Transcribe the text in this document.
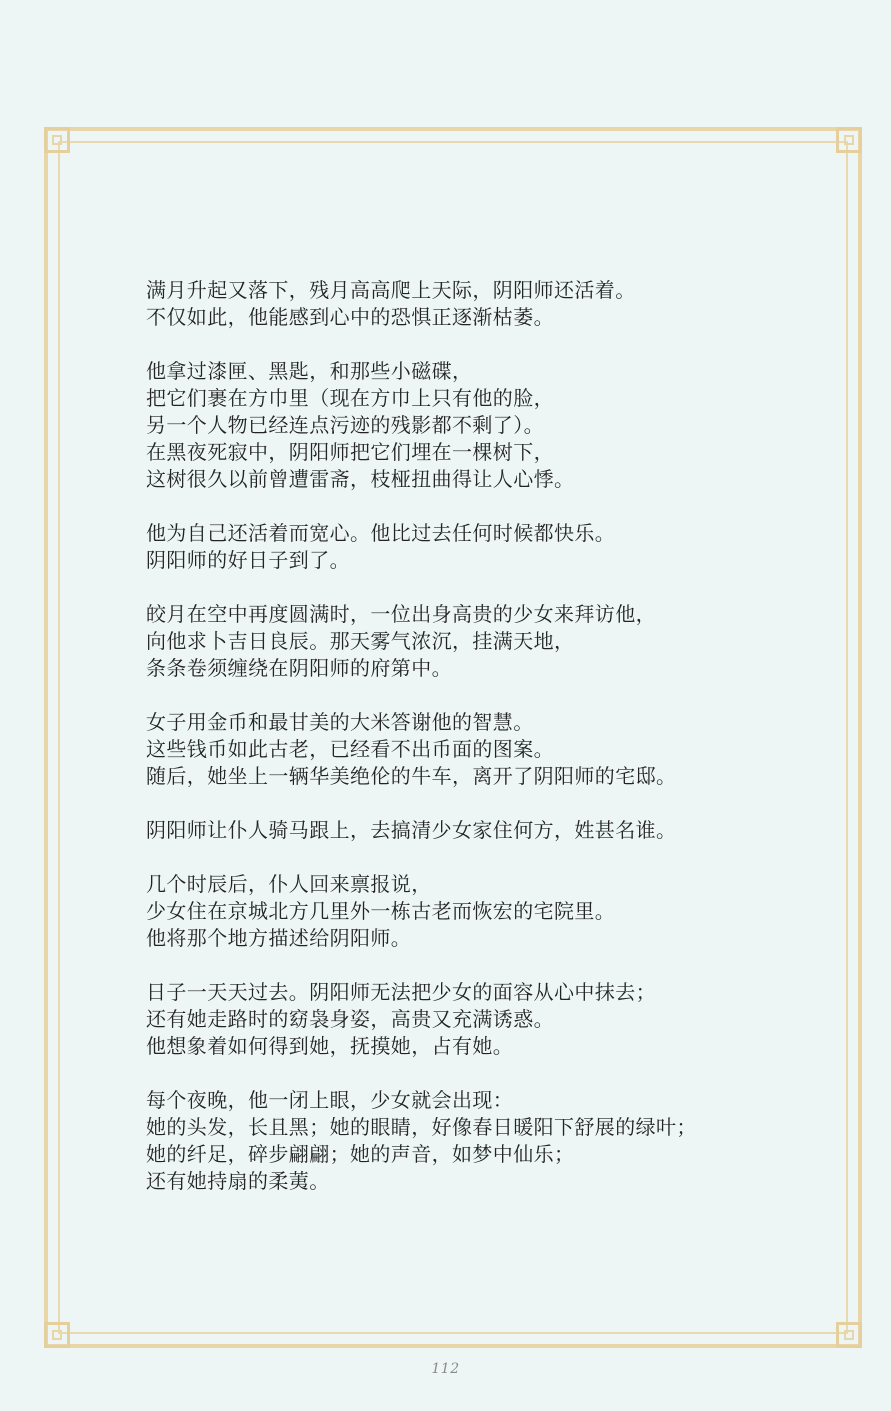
满月升起又落下，残月高高爬上天际，阴阳师还活着。
不仅如此，他能感到心中的恐惧正逐渐枯萎。

他拿过漆匣、黑匙，和那些小磁碟，
把它们裹在方巾里（现在方巾上只有他的脸，
另一个人物已经连点污迹的残影都不剩了）。
在黑夜死寂中，阴阳师把它们埋在一棵树下，
这树很久以前曾遭雷斋，枝桠扭曲得让人心悸。

他为自己还活着而宽心。他比过去任何时候都快乐。
阴阳师的好日子到了。

皎月在空中再度圆满时，一位出身高贵的少女来拜访他，
向他求卜吉日良辰。那天雾气浓沉，挂满天地，
条条卷须缠绕在阴阳师的府第中。

女子用金币和最甘美的大米答谢他的智慧。
这些钱币如此古老，已经看不出币面的图案。
随后，她坐上一辆华美绝伦的牛车，离开了阴阳师的宅邸。

阴阳师让仆人骑马跟上，去搞清少女家住何方，姓甚名谁。

几个时辰后，仆人回来禀报说，
少女住在京城北方几里外一栋古老而恢宏的宅院里。
他将那个地方描述给阴阳师。

日子一天天过去。阴阳师无法把少女的面容从心中抹去；
还有她走路时的窈袅身姿，高贵又充满诱惑。
他想象着如何得到她，抚摸她，占有她。

每个夜晚，他一闭上眼，少女就会出现：
她的头发，长且黑；她的眼睛，好像春日暖阳下舒展的绿叶；
她的纤足，碎步翩翩；她的声音，如梦中仙乐；
还有她持扇的柔荑。

112
